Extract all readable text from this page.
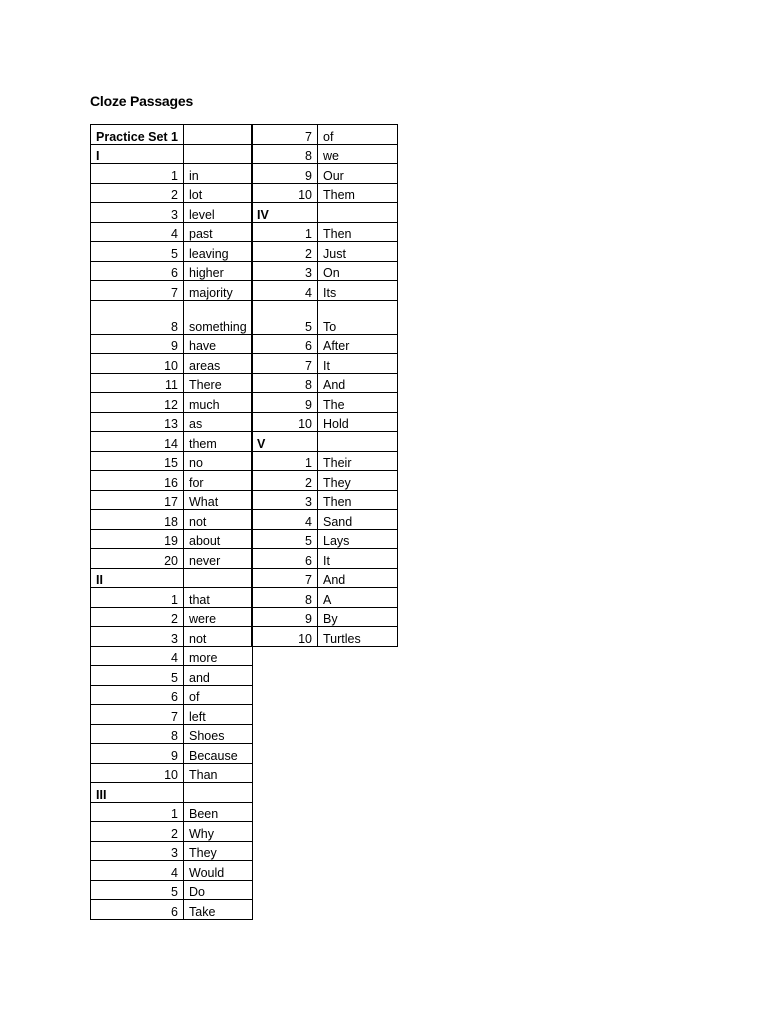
Cloze Passages
Practice Set 1	
I	
1	in
2	lot
3	level
4	past
5	leaving
6	higher
7	majority
8	something
9	have
10	areas
11	There
12	much
13	as
14	them
15	no
16	for
17	What
18	not
19	about
20	never
II	
1	that
2	were
3	not
4	more
5	and
6	of
7	left
8	Shoes
9	Because
10	Than
III	
1	Been
2	Why
3	They
4	Would
5	Do
6	Take
7	of
8	we
9	Our
10	Them
IV	
1	Then
2	Just
3	On
4	Its
5	To
6	After
7	It
8	And
9	The
10	Hold
V	
1	Their
2	They
3	Then
4	Sand
5	Lays
6	It
7	And
8	A
9	By
10	Turtles
